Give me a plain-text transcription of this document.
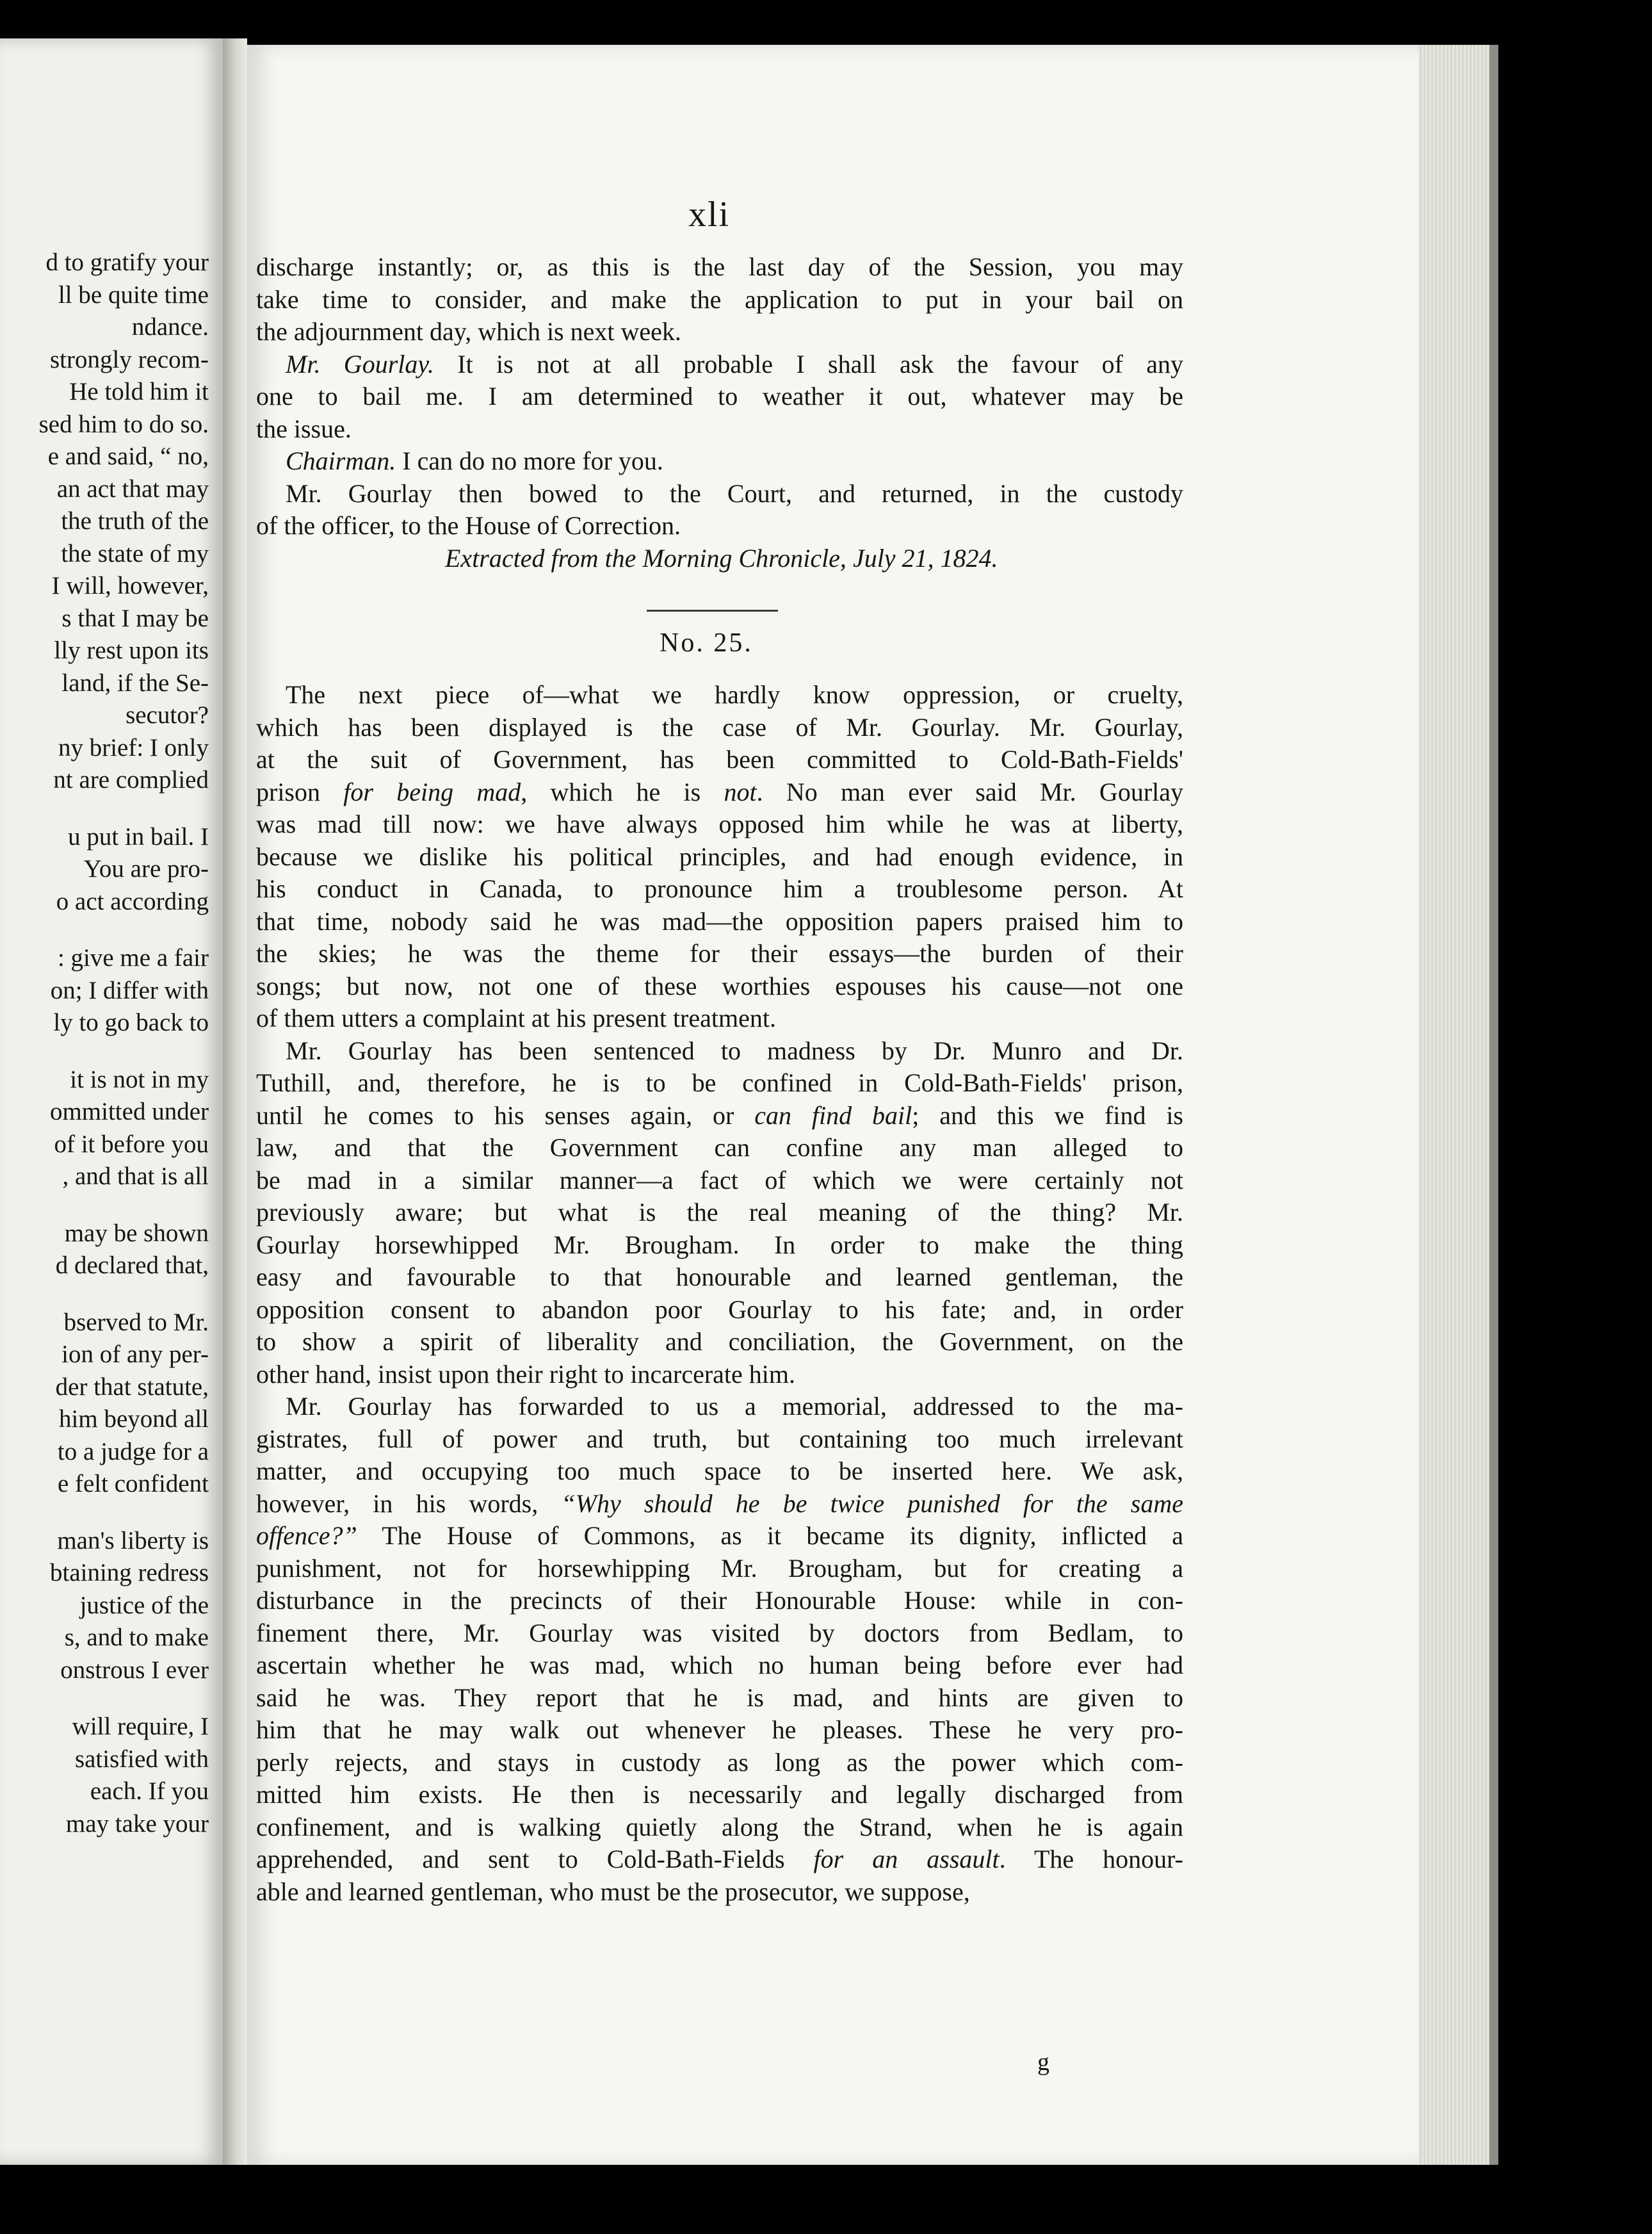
d to gratify your
ll be quite time
ndance.
strongly recom-
He told him it
sed him to do so.
e and said, “ no,
an act that may
the truth of the
the state of my
I will, however,
s that I may be
lly rest upon its
land, if the Se-
secutor?
ny brief: I only
nt are complied
u put in bail. I
You are pro-
o act according
: give me a fair
on; I differ with
ly to go back to
it is not in my
ommitted under
of it before you
, and that is all
may be shown
d declared that,
bserved to Mr.
ion of any per-
der that statute,
him beyond all
to a judge for a
e felt confident
man's liberty is
btaining redress
justice of the
s, and to make
onstrous I ever
will require, I
satisfied with
each. If you
may take your
xli
discharge instantly; or, as this is the last day of the Session, you may
take time to consider, and make the application to put in your bail on
the adjournment day, which is next week.
Mr. Gourlay. It is not at all probable I shall ask the favour of any
one to bail me. I am determined to weather it out, whatever may be
the issue.
Chairman. I can do no more for you.
Mr. Gourlay then bowed to the Court, and returned, in the custody
of the officer, to the House of Correction.
Extracted from the Morning Chronicle, July 21, 1824.
No. 25.
The next piece of—what we hardly know oppression, or cruelty,
which has been displayed is the case of Mr. Gourlay. Mr. Gourlay,
at the suit of Government, has been committed to Cold-Bath-Fields'
prison for being mad, which he is not. No man ever said Mr. Gourlay
was mad till now: we have always opposed him while he was at liberty,
because we dislike his political principles, and had enough evidence, in
his conduct in Canada, to pronounce him a troublesome person. At
that time, nobody said he was mad—the opposition papers praised him to
the skies; he was the theme for their essays—the burden of their
songs; but now, not one of these worthies espouses his cause—not one
of them utters a complaint at his present treatment.
Mr. Gourlay has been sentenced to madness by Dr. Munro and Dr.
Tuthill, and, therefore, he is to be confined in Cold-Bath-Fields' prison,
until he comes to his senses again, or can find bail; and this we find is
law, and that the Government can confine any man alleged to
be mad in a similar manner—a fact of which we were certainly not
previously aware; but what is the real meaning of the thing? Mr.
Gourlay horsewhipped Mr. Brougham. In order to make the thing
easy and favourable to that honourable and learned gentleman, the
opposition consent to abandon poor Gourlay to his fate; and, in order
to show a spirit of liberality and conciliation, the Government, on the
other hand, insist upon their right to incarcerate him.
Mr. Gourlay has forwarded to us a memorial, addressed to the ma-
gistrates, full of power and truth, but containing too much irrelevant
matter, and occupying too much space to be inserted here. We ask,
however, in his words, “Why should he be twice punished for the same
offence?” The House of Commons, as it became its dignity, inflicted a
punishment, not for horsewhipping Mr. Brougham, but for creating a
disturbance in the precincts of their Honourable House: while in con-
finement there, Mr. Gourlay was visited by doctors from Bedlam, to
ascertain whether he was mad, which no human being before ever had
said he was. They report that he is mad, and hints are given to
him that he may walk out whenever he pleases. These he very pro-
perly rejects, and stays in custody as long as the power which com-
mitted him exists. He then is necessarily and legally discharged from
confinement, and is walking quietly along the Strand, when he is again
apprehended, and sent to Cold-Bath-Fields for an assault. The honour-
able and learned gentleman, who must be the prosecutor, we suppose,
g
